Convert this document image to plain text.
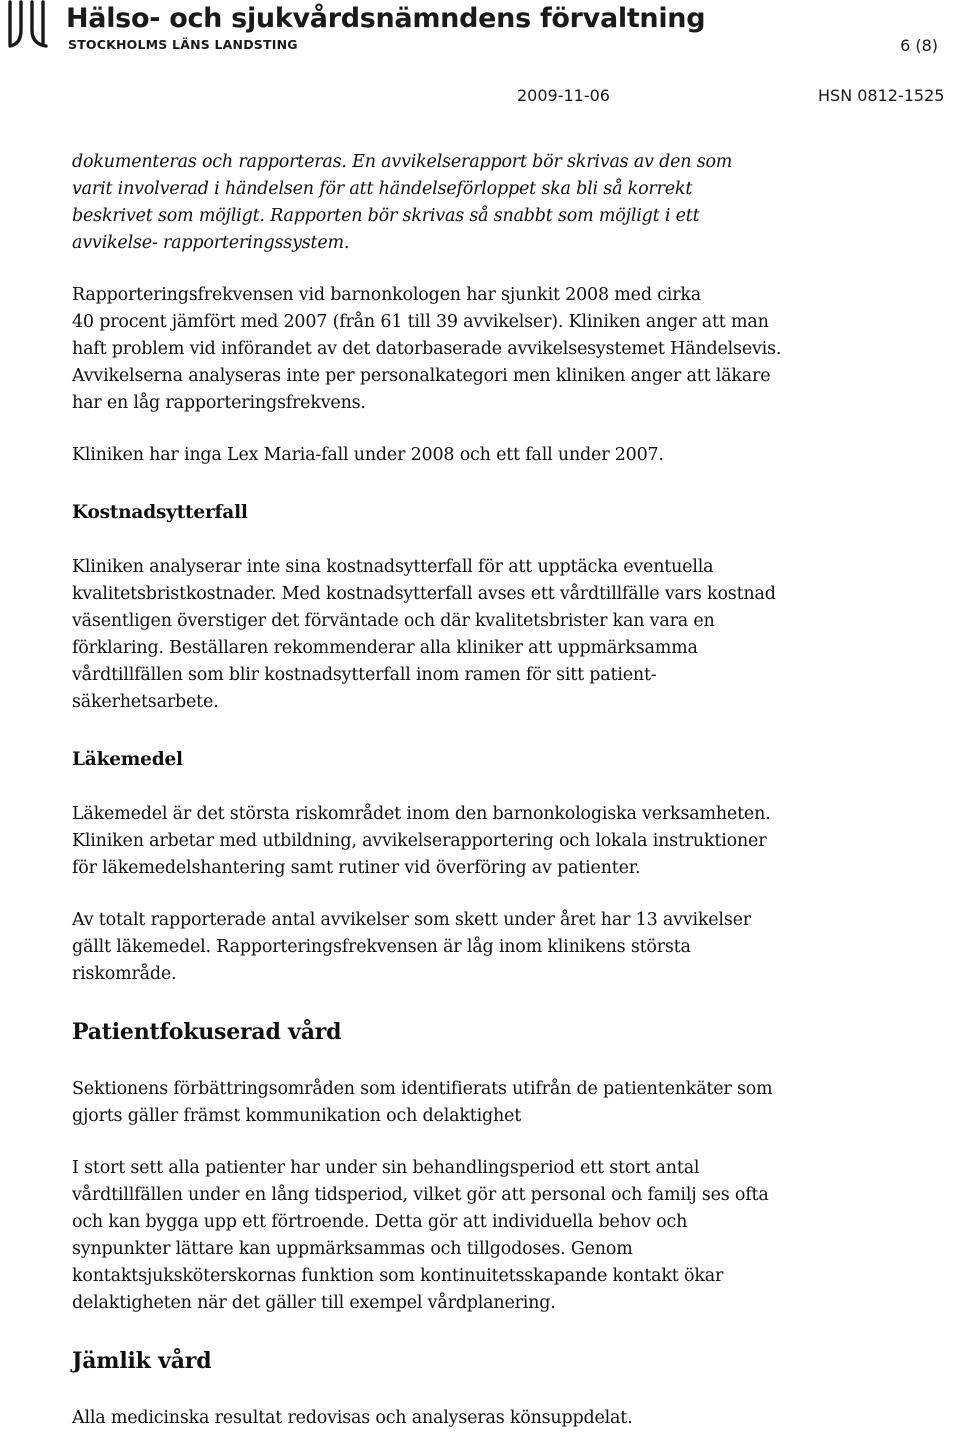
Hälso- och sjukvårdsnämndens förvaltning
STOCKHOLMS LÄNS LANDSTING	6 (8)
2009-11-06	HSN 0812-1525

dokumenteras och rapporteras. En avvikelserapport bör skrivas av den som

varit involverad i händelsen för att händelseförloppet ska bli så korrekt

beskrivet som möjligt. Rapporten bör skrivas så snabbt som möjligt i ett

avvikelse- rapporteringssystem.

Rapporteringsfrekvensen vid barnonkologen har sjunkit 2008 med cirka

40 procent jämfört med 2007 (från 61 till 39 avvikelser). Kliniken anger att man

haft problem vid införandet av det datorbaserade avvikelsesystemet Händelsevis.

Avvikelserna analyseras inte per personalkategori men kliniken anger att läkare

har en låg rapporteringsfrekvens.

Kliniken har inga Lex Maria-fall under 2008 och ett fall under 2007.

Kostnadsytterfall

Kliniken analyserar inte sina kostnadsytterfall för att upptäcka eventuella

kvalitetsbristkostnader. Med kostnadsytterfall avses ett vårdtillfälle vars kostnad

väsentligen överstiger det förväntade och där kvalitetsbrister kan vara en

förklaring. Beställaren rekommenderar alla kliniker att uppmärksamma

vårdtillfällen som blir kostnadsytterfall inom ramen för sitt patient-

säkerhetsarbete.

Läkemedel

Läkemedel är det största riskområdet inom den barnonkologiska verksamheten.

Kliniken arbetar med utbildning, avvikelserapportering och lokala instruktioner

för läkemedelshantering samt rutiner vid överföring av patienter.

Av totalt rapporterade antal avvikelser som skett under året har 13 avvikelser

gällt läkemedel. Rapporteringsfrekvensen är låg inom klinikens största

riskområde.

Patientfokuserad vård

Sektionens förbättringsområden som identifierats utifrån de patientenkäter som

gjorts gäller främst kommunikation och delaktighet

I stort sett alla patienter har under sin behandlingsperiod ett stort antal

vårdtillfällen under en lång tidsperiod, vilket gör att personal och familj ses ofta

och kan bygga upp ett förtroende. Detta gör att individuella behov och

synpunkter lättare kan uppmärksammas och tillgodoses. Genom

kontaktsjuksköterskornas funktion som kontinuitetsskapande kontakt ökar

delaktigheten när det gäller till exempel vårdplanering.

Jämlik vård

Alla medicinska resultat redovisas och analyseras könsuppdelat.
